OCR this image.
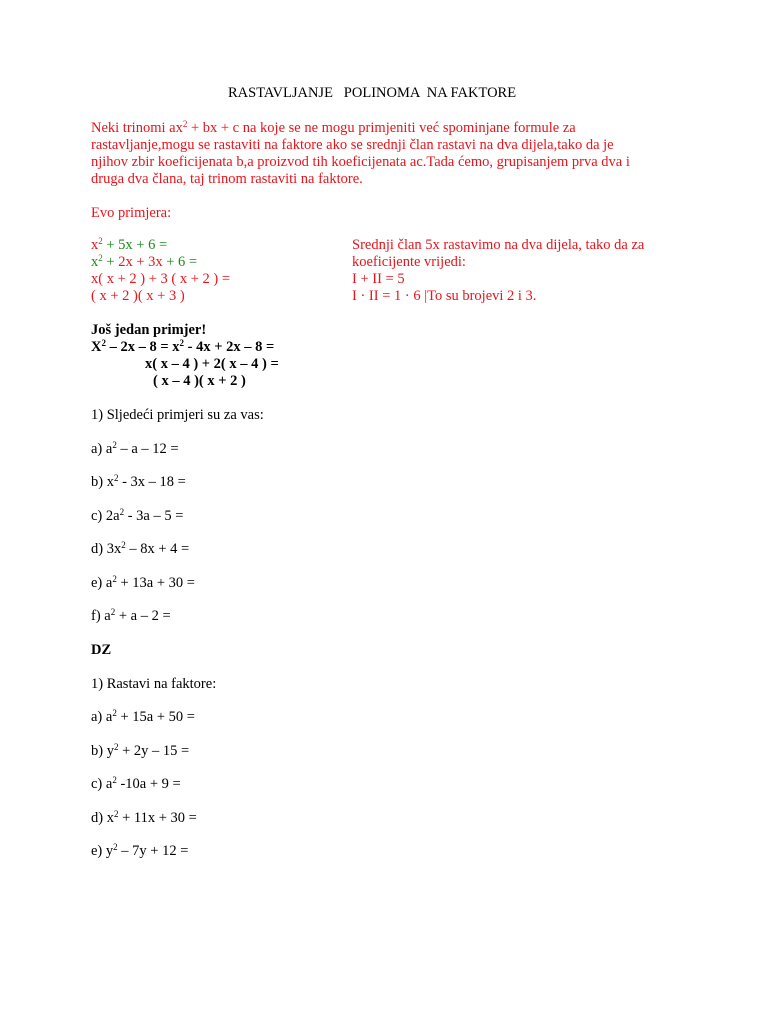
RASTAVLJANJE   POLINOMA  NA FAKTORE
Neki trinomi $ax^2$ + bx + c na koje se ne mogu primjeniti već spominjane formule za
rastavljanje,mogu se rastaviti na faktore ako se srednji član rastavi na dva dijela,tako da je
njihov zbir koeficijenata b,a proizvod tih koeficijenata ac.Tada ćemo, grupisanjem prva dva i
druga dva člana, taj trinom rastaviti na faktore.
Evo primjera:
$x^2 + 5x + 6$ =
$x^2 + 2x + 3x + 6$ =
x( x + 2 ) + 3 ( x + 2 ) =
( x + 2 )( x + 3 )
Srednji član 5x rastavimo na dva dijela, tako da za
koeficijente vrijedi:
I + II = 5
I · II = 1 · 6 |To su brojevi 2 i 3.
Još jedan primjer!
$X^2 - 2x - 8 = x^2 - 4x + 2x - 8$ =
x( x – 4 ) + 2( x – 4 ) =
( x – 4 )( x + 2 )
1) Sljedeći primjeri su za vas:
a) $a^2$ – a – 12 =
b) $x^2 - 3x - 18$ =
c) $2a^2 - 3a - 5$ =
d) $3x^2 - 8x + 4$ =
e) $a^2 + 13a + 30$ =
f) $a^2 + a - 2$ =
DZ
1) Rastavi na faktore:
a) $a^2 + 15a + 50$ =
b) $y^2 + 2y - 15$ =
c) $a^2$ -10a + 9 =
d) $x^2 + 11x + 30$ =
e) $y^2 - 7y + 12$ =
